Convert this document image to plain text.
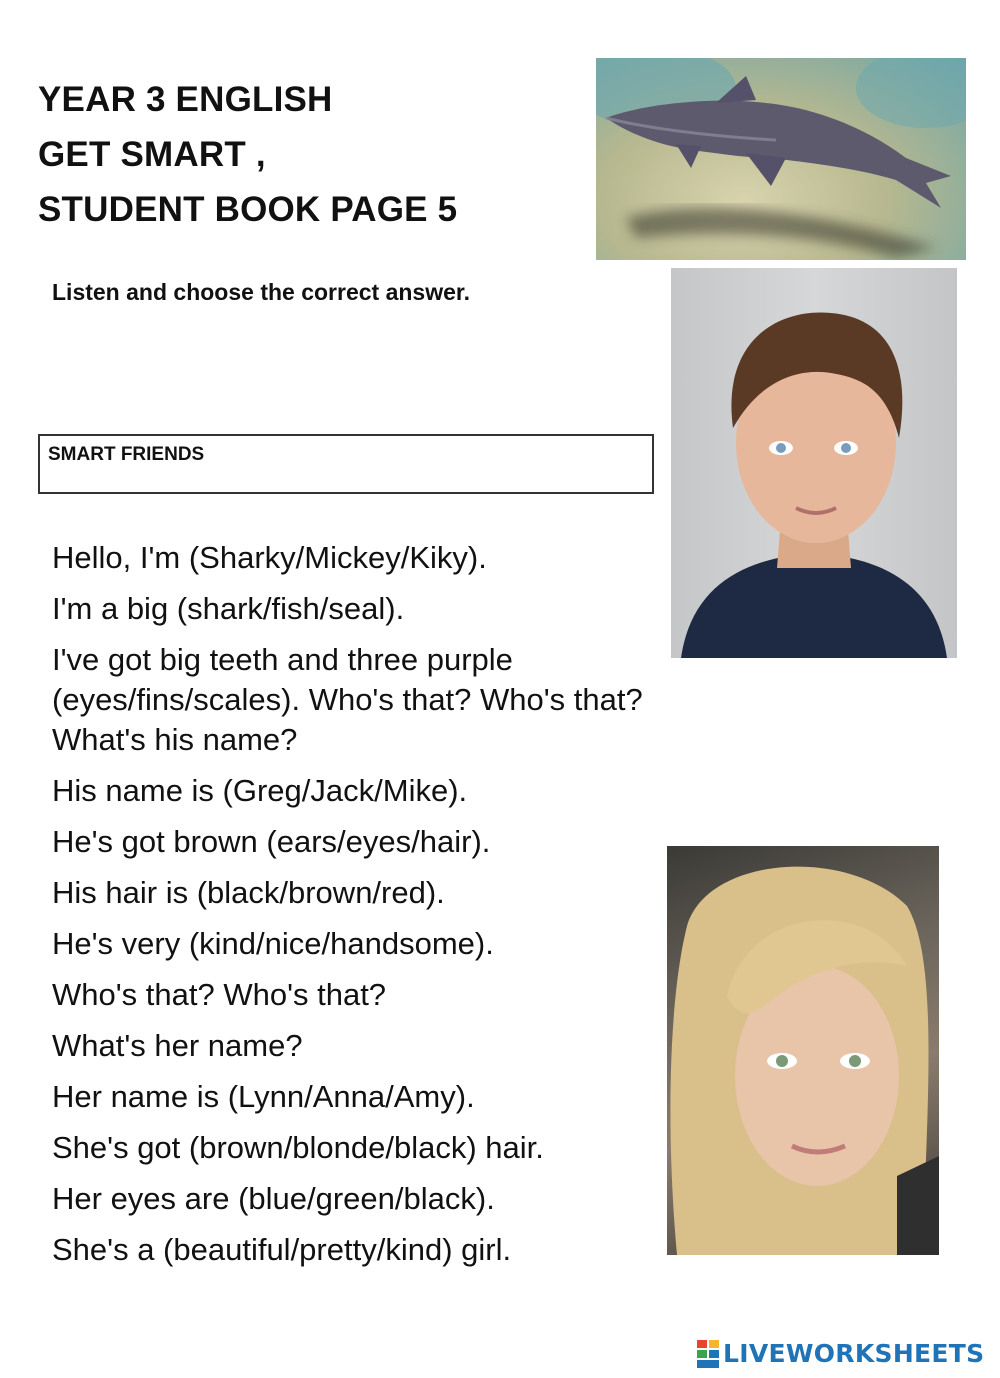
YEAR 3 ENGLISH
GET SMART ,
STUDENT BOOK PAGE 5
Listen and choose the correct answer.
SMART FRIENDS

Hello, I'm (Sharky/Mickey/Kiky).

I'm a big (shark/fish/seal).

I've got big teeth and three purple (eyes/fins/scales). Who's that? Who's that? What's his name?

His name is (Greg/Jack/Mike).

He's got brown (ears/eyes/hair).

His hair is (black/brown/red).

He's very (kind/nice/handsome).

Who's that? Who's that?

What's her name?

Her name is (Lynn/Anna/Amy).

She's got (brown/blonde/black) hair.

Her eyes are (blue/green/black).

She's a (beautiful/pretty/kind) girl.

LIVEWORKSHEETS
